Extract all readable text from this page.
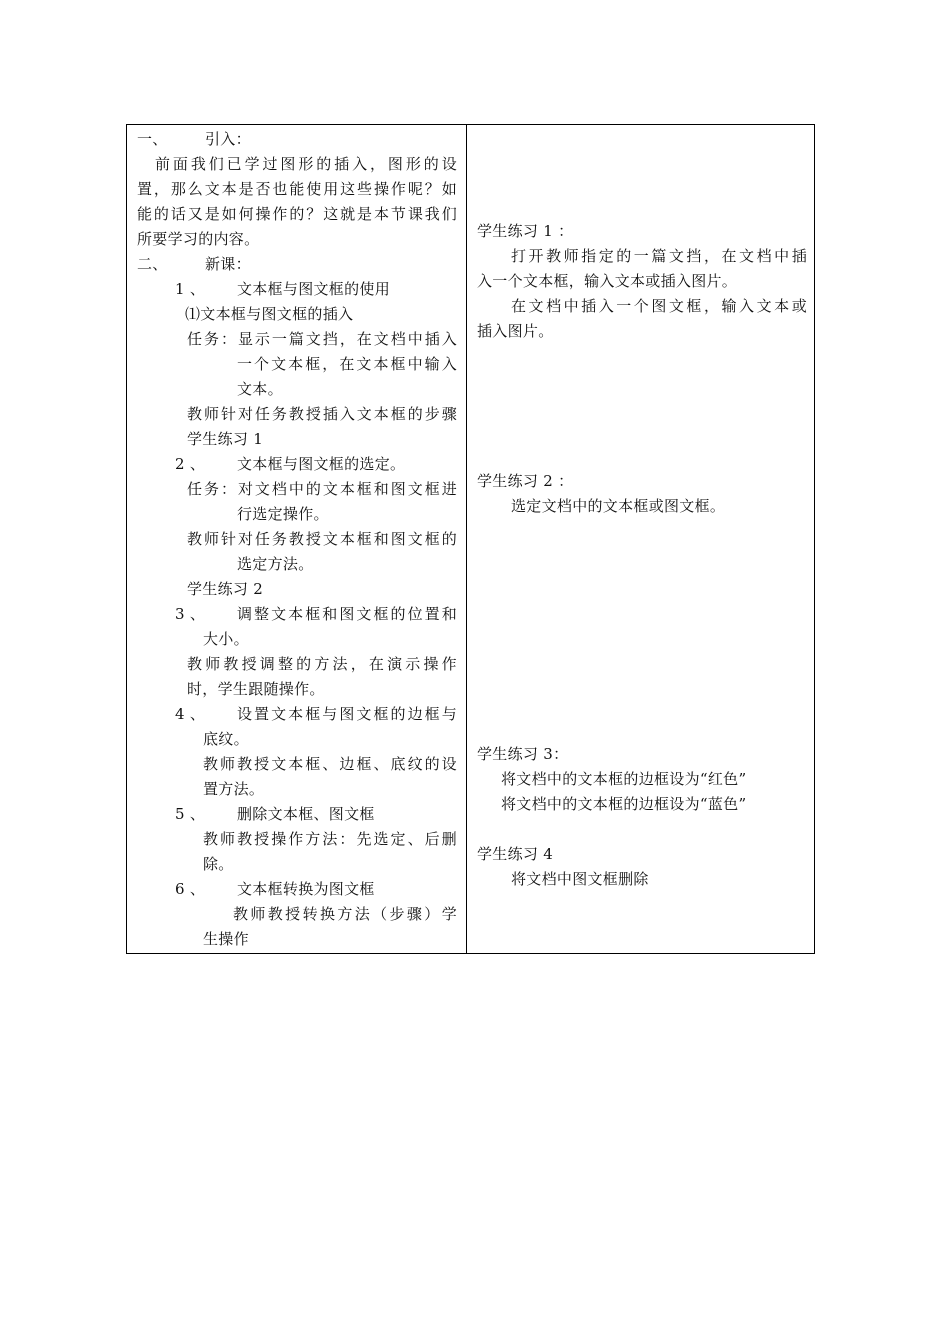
一、 引入：
前面我们已学过图形的插入，图形的设
置，那么文本是否也能使用这些操作呢？如
能的话又是如何操作的？这就是本节课我们
所要学习的内容。
二、 新课：
1 、 文本框与图文框的使用
⑴文本框与图文框的插入
任务：显示一篇文挡，在文档中插入
一个文本框，在文本框中输入
文本。
教师针对任务教授插入文本框的步骤
学生练习 1
2 、 文本框与图文框的选定。
任务：对文档中的文本框和图文框进
行选定操作。
教师针对任务教授文本框和图文框的
选定方法。
学生练习 2
3 、 调整文本框和图文框的位置和
大小。
教师教授调整的方法，在演示操作
时，学生跟随操作。
4 、 设置文本框与图文框的边框与
底纹。
教师教授文本框、边框、底纹的设
置方法。
5 、 删除文本框、图文框
教师教授操作方法：先选定、后删
除。
6 、 文本框转换为图文框
教师教授转换方法（步骤）学
生操作
学生练习 1 ：
打开教师指定的一篇文挡，在文档中插
入一个文本框，输入文本或插入图片。
在文档中插入一个图文框，输入文本或
插入图片。
学生练习 2 ：
选定文档中的文本框或图文框。
学生练习 3：
将文档中的文本框的边框设为“红色”
将文档中的文本框的边框设为“蓝色”
学生练习 4
将文档中图文框删除
